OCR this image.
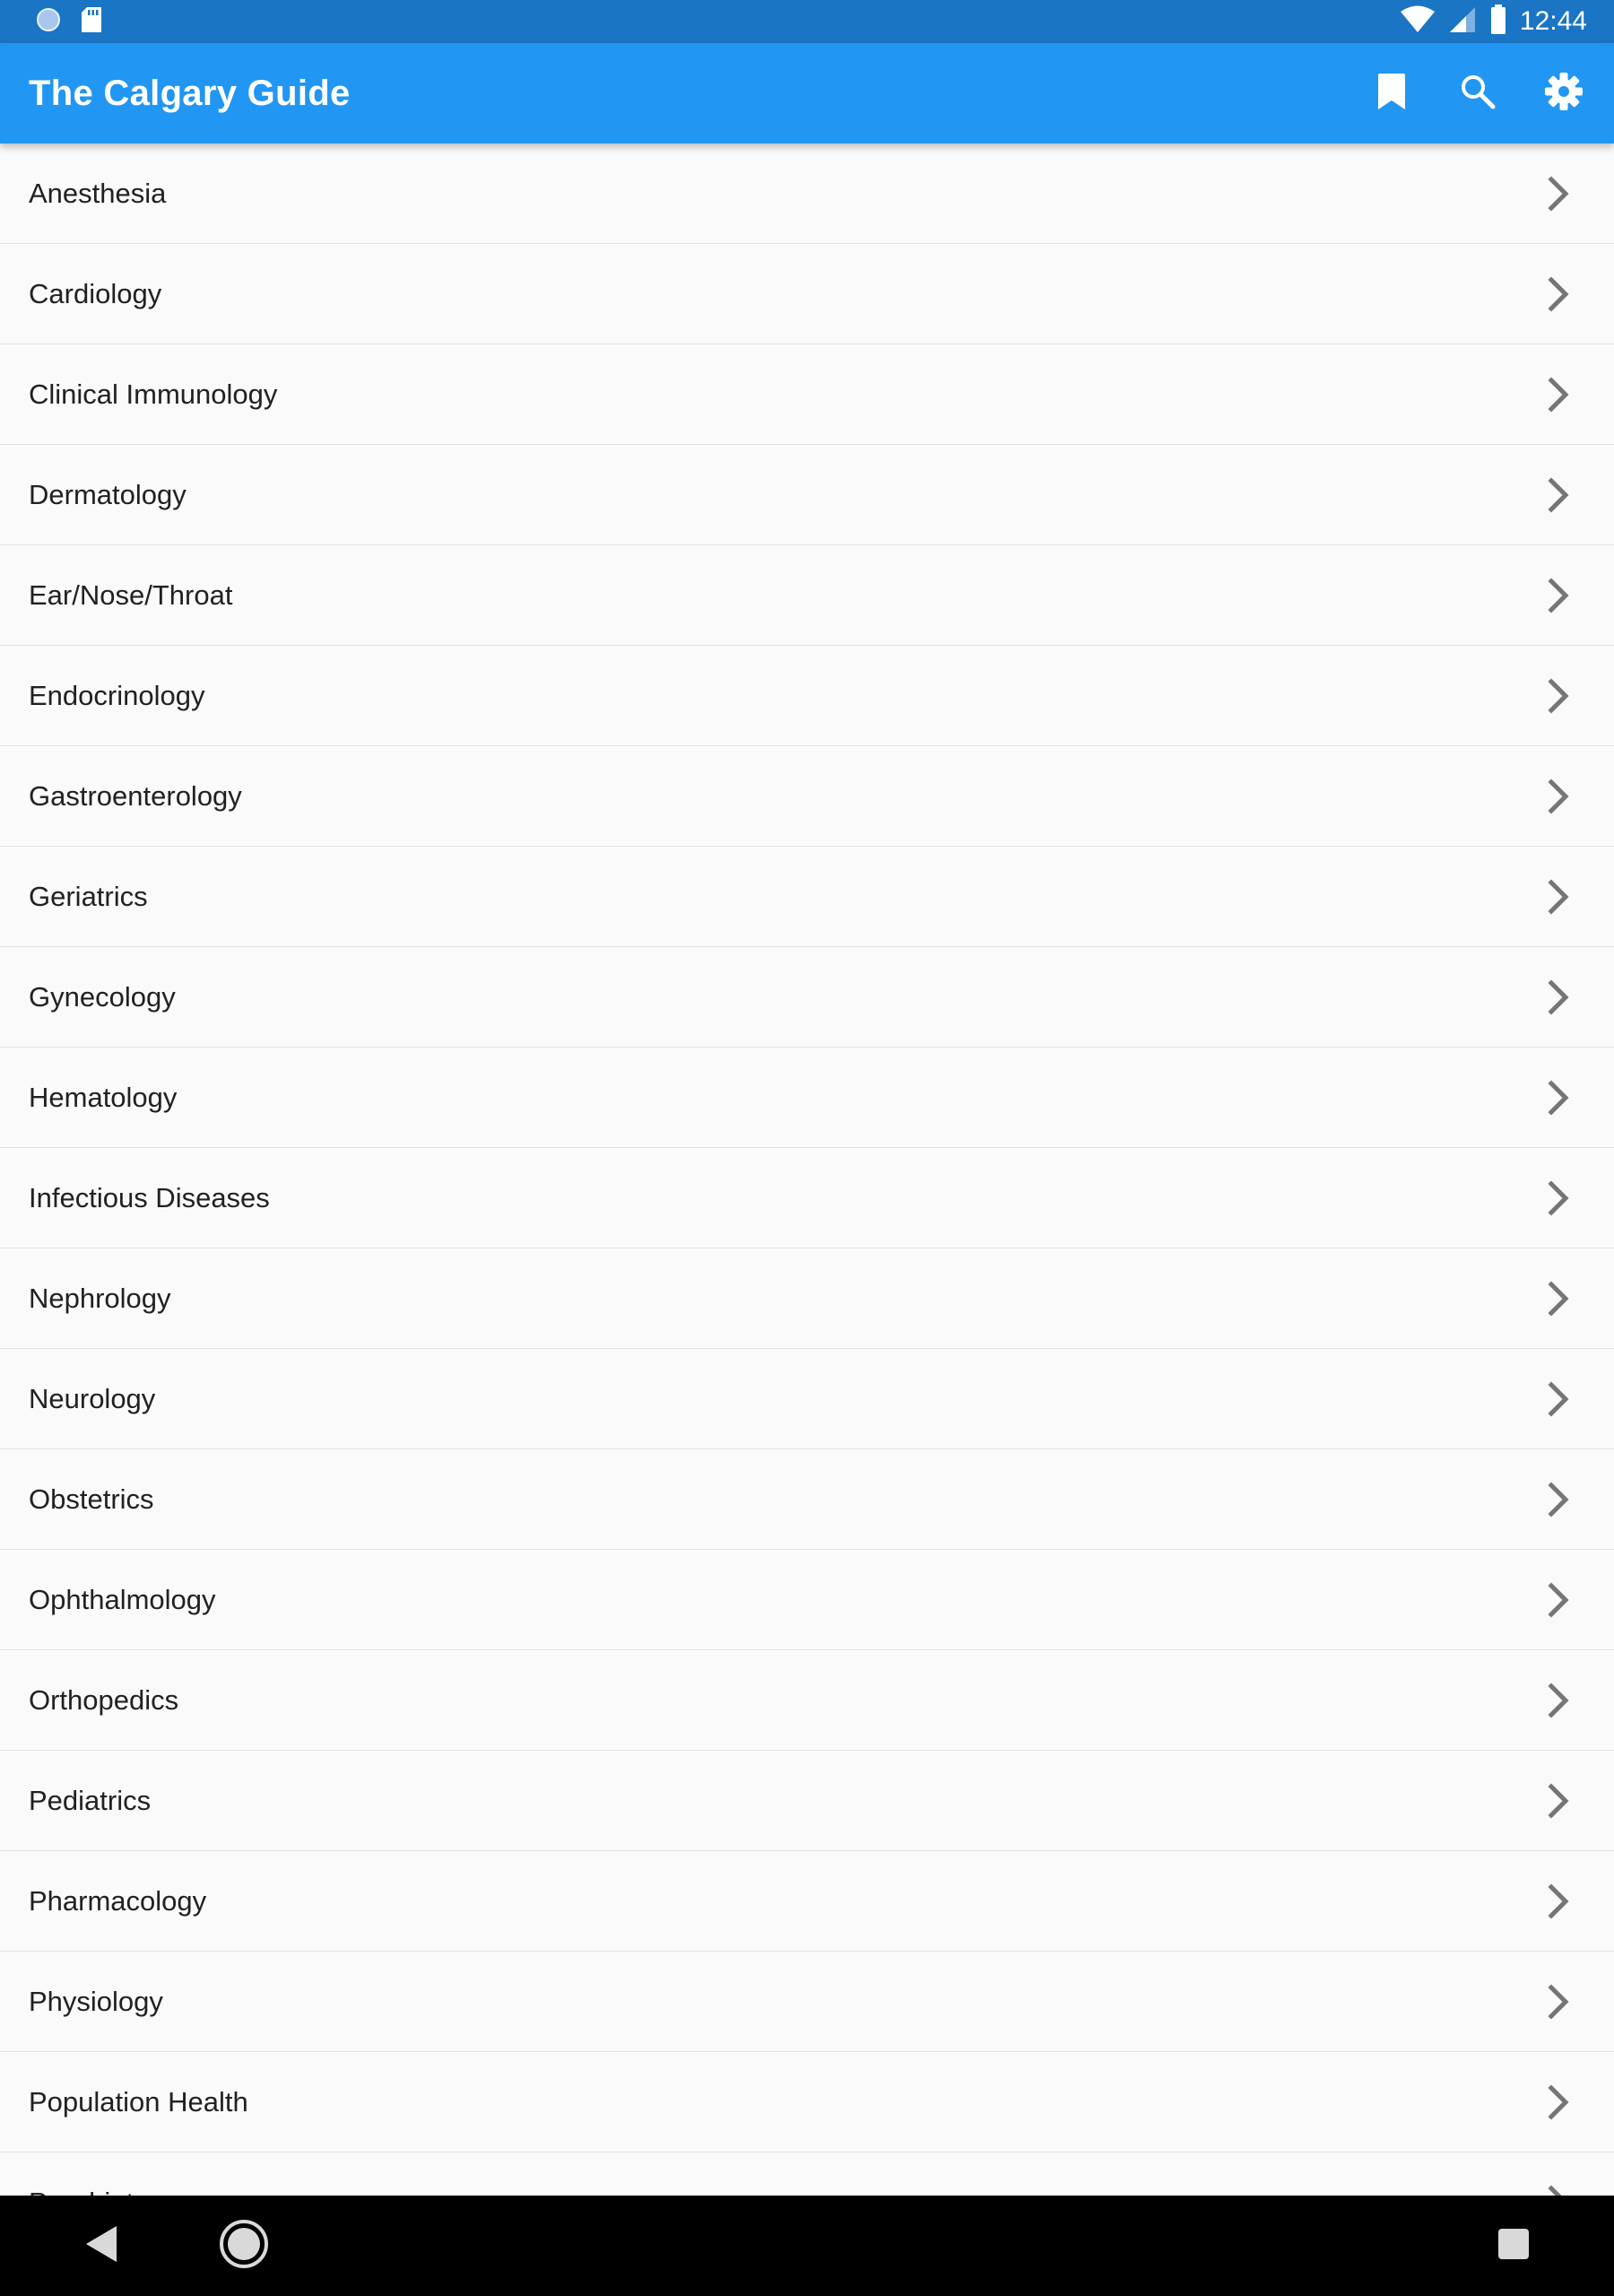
12:44
The Calgary Guide
Anesthesia
Cardiology
Clinical Immunology
Dermatology
Ear/Nose/Throat
Endocrinology
Gastroenterology
Geriatrics
Gynecology
Hematology
Infectious Diseases
Nephrology
Neurology
Obstetrics
Ophthalmology
Orthopedics
Pediatrics
Pharmacology
Physiology
Population Health
